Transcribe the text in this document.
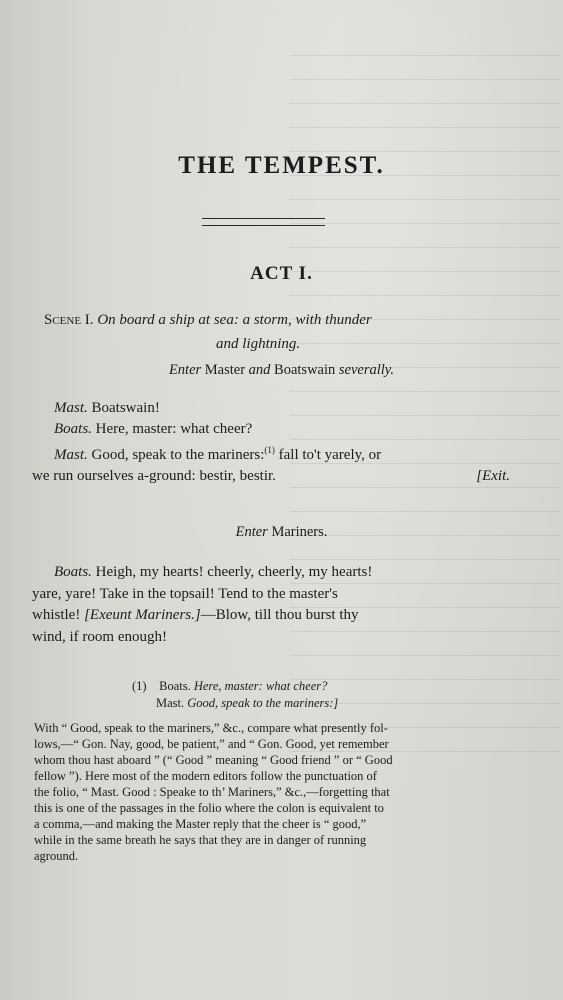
THE TEMPEST.
ACT I.
Scene I. On board a ship at sea: a storm, with thunder
and lightning.
Enter Master and Boatswain severally.
Mast. Boatswain!
Boats. Here, master: what cheer?
Mast. Good, speak to the mariners:$^{(1)}$ fall to't yarely, or
we run ourselves a-ground: bestir, bestir.	[Exit.
Enter Mariners.
Boats. Heigh, my hearts! cheerly, cheerly, my hearts!
yare, yare! Take in the topsail! Tend to the master's
whistle! [Exeunt Mariners.]—Blow, till thou burst thy
wind, if room enough!
(1) Boats. Here, master: what cheer?
Mast. Good, speak to the mariners:]
With “ Good, speak to the mariners,” &c., compare what presently fol-
lows,—“ Gon. Nay, good, be patient,” and “ Gon. Good, yet remember
whom thou hast aboard ” (“ Good ” meaning “ Good friend ” or “ Good
fellow ”). Here most of the modern editors follow the punctuation of
the folio, “ Mast. Good : Speake to th’ Mariners,” &c.,—forgetting that
this is one of the passages in the folio where the colon is equivalent to
a comma,—and making the Master reply that the cheer is “ good,”
while in the same breath he says that they are in danger of running
aground.
